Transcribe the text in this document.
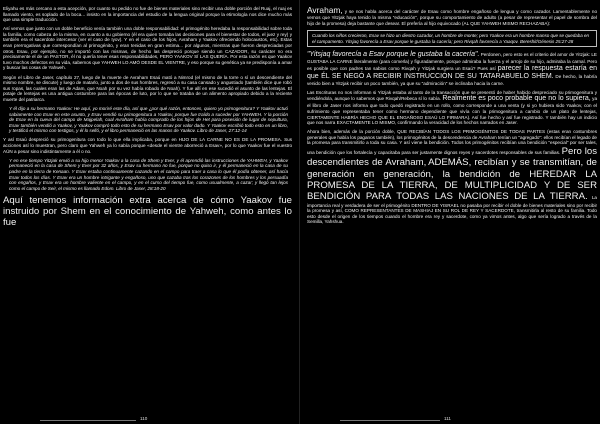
Eliyahu es más cercano a esta acepción, por cuanto su pedido no fue de bienes materiales sino recibir una doble porción del Ruaj, el ruaj es llamado viento, es soplado de la boca... insisto en la importancia del estudio de la lengua original porque la etimología nos dice mucho más que una simple traducción.

Así vemos que junto con un doble beneficio venía también una doble responsabilidad: el primogénito heredaba la responsabilidad sobre toda la familia, como cabeza de la misma, en cuanto a su gobierno (él era quien tomaba las decisiones para el bienestar de todos, el juez y rey) y también era el sacerdote intercesor (ver el caso de Iyov). Y en el caso de los hijos, Avraham y Yaakov ofreciendo holocaustos, etc). Estas eran prerrogativas que correspondían al primogénito, y eran tenidas en gran estima... por algunos, mientras que fueron despreciadas por otros. Esau, por ejemplo, no se importó con las mismas, de hecho las despreció porque siendo un CAZADOR, su carácter no era precisamente el de un PASTOR, él no quería tener esas responsabilidades, PERO YAAKOV SÍ LAS QUERÍA. Por esta razón es que Yaakov tuvo muchos defectos en su vida, sabemos que YAHWEH LO AMÓ DESDE EL VIENTRE, y eso porque su genética ya se predisponía a amar y buscar las cosas de Yahweh.

Según el Libro de Jaser, capítulo 27, luego de la muerte de Avraham Esaú mató a Nimrod (el mismo de la torre o sí un descendiente del mismo nombre, se discute) y luego de matarlo, junto a dos de sus hombres, regresó a su casa cansado y angustiado (también dice que robó sus ropas, las cuales eran las de Adam, que Noah por su vez había robado de Noah). Y fue allí en ese sucedió el asunto de las lentejas. El potaje de lentejas es una antigua costumbre para las épocas de luto, por lo que se trataba de un alimento apropiado debido a la reciente muerte del patriarca.

Y él dijo a su hermano Yaakov: He aquí, yo moriré este día, así que ¿por qué razón, entonces, quiero yo primogenitura? Y Yaakov actuó sabiamente con Esav en este asunto, y Esav vendió su primogenitura a Yaakov, porque fue traído a suceder por YAHWEH. Y la porción de Esav en la cueva del campo de Majpelah, cual Avraham había comprado de los hijos de Het para posesión de lugar de sepultura, Esav también vendió a Yaakov, y Yaakov compró todo esto de su hermano Esav por valor dado. Y Yaakov escribió todo esto en un libro, y testificó el mismo con testigos, y él lo selló, y el libro permaneció en las manos de Yaakov. Libro de Jaser, 27:12-14

Y así Esaú despreció su primogenitura con todo lo que ella implicaba, porque en HIJO DE LA CARNE NO ES DE LA PROMESA. Sus acciones así lo muestran, pero claro que Yahweh ya lo sabía porque «desde el vientre aborreció a Esav», por lo que Yaakov fue el vuestro AÚN a pesar sino indistintamente a él o no.

Y en ese tiempo Yitzjak envió a su hijo menor Yaakov a la casa de Shem y Ever, y él aprendió las instrucciones de YAHWEH, y Yaakov permaneció en la casa de Shem y Ever por 32 años, y Esav su hermano no fue, porque no quiso ir, y él permaneció en la casa de su padre en la tierra de Kenaan. Y Esav estaba continuamente cazando en el campo para traer a casa lo que él podía obtener, así hacía Esav todos los días. Y Esav era un hombre intrigante y engañoso, uno que cazaba tras los corazones de los hombres y los persuadía con engaños, y Esav era un hombre valiente en el campo, y en el curso del tiempo fue, como usualmente, a cazar; y llegó tan lejos como el campo de Seir, el mismo es llamado Edom. Libro de Jaser, 28:18-20

Aquí tenemos información extra acerca de cómo Yaakov fue instruido por Shem en el conocimiento de Yahweh, como antes lo fue

Avraham, y se nos habla acerca del carácter de Esau como hombre engañoso de lengua y como cazador. Lamentablemente no vemos que Yitzjak haya tenido la misma "educación", porque su comportamiento de adulto (a pesar de representar el papel de sombra del hijo de la promesa) deja bastante que desear. El prefería al hijo equivocado (AL QUE YAHWEH MISMO RECHAZABA):

Cuando los niños crecieron, Esav se hizo un diestro cazador, un hombre de monte; pero Yaakov era un hombre manso que se quedaba en el campamento. Yitsjaq favorecía a Esav porque le gustaba la cacería; pero Rivqah favorecía a Yaaqov. Bereshit/Génesis 25:27-28

"Yitsjaq favorecía a Esav porque le gustaba la cacería". Perdonen, pero esto es el criterio del amor de Yitzjak: LE GUSTABA LA CARNE literalmente (para comerla) y figuradamente, porque admiraba la fuerza y el arrojo de su hijo, admiraba la carnal. Pero es posible que con padres tan sabios como Rivqah y Yitzjak surgiera un Esaú? Pues así parecer la respuesta estaría en que ÉL SE NEGÓ A RECIBIR INSTRUCCIÓN DE SU TATARABUELO SHEM. De hecho, la habría venido bien a Yitzjak recibir un poco también, ya que su "admiración" se inclinaba hacia la carne.

Las Escrituras no nos informan si Yitzjak estaba al tanto de la transacción que se presentó de haber habido despreciado su primogenitura y vendiéndola, aunque lo sabemos que Rivqah/Rebeca sí lo sabía. Realmente es poco probable que no lo supiera, ya el libro de Jaser nos informa que todo quedó registrado en un rollo, como corresponde a una venta (y si yo hubiera sido Yaakov, con el sufrimiento que representaba tener como hermano dependiente que vivía con la primogenitura a cambio de un plato de lentejas, CIERTAMENTE HABRÍA HECHO QUE EL ENGAÑOSO ESAÚ LO FIRMARA). Así fue hecho y así fue registrado. Y también hay un indicio que nos narra EXACTAMENTE LO MISMO, confirmando la veracidad de los hechos narrados en Jaser.

Ahora bien, además de la porción doble, QUE RECIBÍAN TODOS LOS PRIMOGÉNITOS DE TODAS PARTES (estas eran costumbres generales que había los paganos también), los primogénitos de la descendencia de Avraham tenían un "agregado": ellos recibían el legado de la promesa para transmitirlo a toda su casa. Y así viene la bendición. Todos los primogénitos recibían una bendición "especial" por ser tales, una bendición que los fortalecía y capacitaba para ser justamente dignos reyes y sacerdotes responsables de sus familias. Pero los descendientes de Avraham, ADEMÁS, recibían y se transmitían, de generación en generación, la bendición de HEREDAR LA PROMESA DE LA TIERRA, DE MULTIPLICIDAD Y DE SER BENDICIÓN PARA TODAS LAS NACIONES DE LA TIERRA. La importancia real y verdadera de ser el primogénito DENTRO DE YISRAEL no pasaba por recibir el doble de bienes materiales sino por recibir la promesa y así, COMO REPRESENTANTES DE MASHIAJ EN SU ROL DE REY Y SACERDOTE, transmitirla al resto de su familia. Todo esto desde el origen de los tiempos cuando el hombre era rey y sacerdote, como ya vimos antes, algo que sería logrado a través de la Semilla, Yahshua.

110	111
